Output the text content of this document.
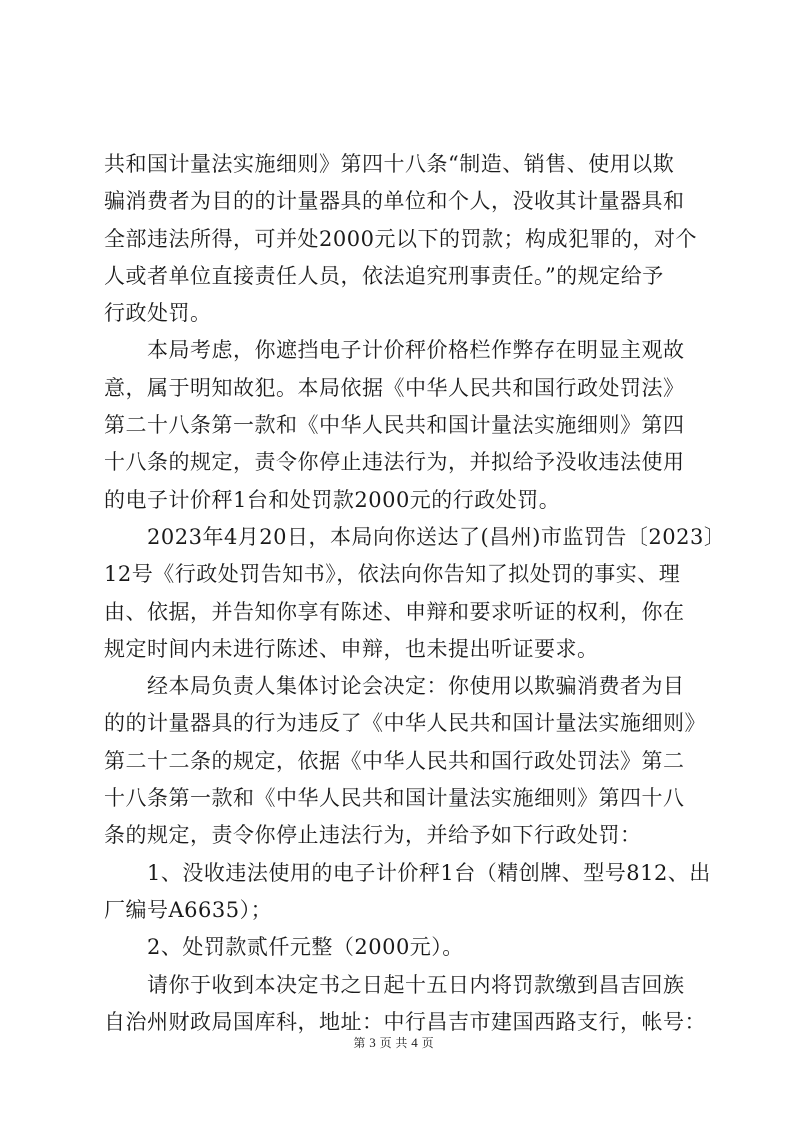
共和国计量法实施细则》第四十八条“制造、销售、使用以欺
骗消费者为目的的计量器具的单位和个人，没收其计量器具和
全部违法所得，可并处2000元以下的罚款；构成犯罪的，对个
人或者单位直接责任人员，依法追究刑事责任。”的规定给予
行政处罚。
　　本局考虑，你遮挡电子计价秤价格栏作弊存在明显主观故
意，属于明知故犯。本局依据《中华人民共和国行政处罚法》
第二十八条第一款和《中华人民共和国计量法实施细则》第四
十八条的规定，责令你停止违法行为，并拟给予没收违法使用
的电子计价秤1台和处罚款2000元的行政处罚。
　　2023年4月20日，本局向你送达了(昌州)市监罚告〔2023〕
12号《行政处罚告知书》，依法向你告知了拟处罚的事实、理
由、依据，并告知你享有陈述、申辩和要求听证的权利，你在
规定时间内未进行陈述、申辩，也未提出听证要求。
　　经本局负责人集体讨论会决定：你使用以欺骗消费者为目
的的计量器具的行为违反了《中华人民共和国计量法实施细则》
第二十二条的规定，依据《中华人民共和国行政处罚法》第二
十八条第一款和《中华人民共和国计量法实施细则》第四十八
条的规定，责令你停止违法行为，并给予如下行政处罚：
　　1、没收违法使用的电子计价秤1台（精创牌、型号812、出
厂编号A6635）；
　　2、处罚款贰仟元整（2000元）。
　　请你于收到本决定书之日起十五日内将罚款缴到昌吉回族
自治州财政局国库科，地址：中行昌吉市建国西路支行，帐号：
第 3 页 共 4 页
